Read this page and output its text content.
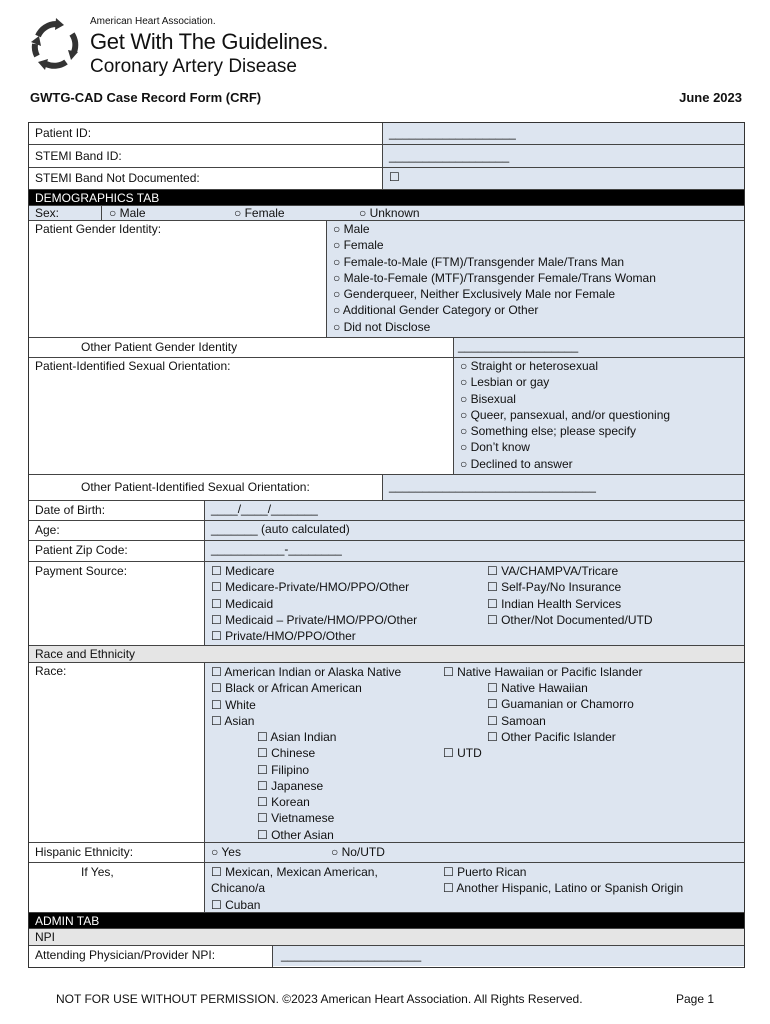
American Heart Association.
Get With The Guidelines.
Coronary Artery Disease
GWTG-CAD Case Record Form (CRF)	June 2023
Patient ID:	___________________
STEMI Band ID:	__________________
STEMI Band Not Documented:	☐
DEMOGRAPHICS TAB
Sex:	○ Male	○ Female	○ Unknown
Patient Gender Identity:	○ Male
○ Female
○ Female-to-Male (FTM)/Transgender Male/Trans Man
○ Male-to-Female (MTF)/Transgender Female/Trans Woman
○ Genderqueer, Neither Exclusively Male nor Female
○ Additional Gender Category or Other
○ Did not Disclose
Other Patient Gender Identity	__________________
Patient-Identified Sexual Orientation:	○ Straight or heterosexual
○ Lesbian or gay
○ Bisexual
○ Queer, pansexual, and/or questioning
○ Something else; please specify
○ Don’t know
○ Declined to answer
Other Patient-Identified Sexual Orientation:	_______________________________
Date of Birth:	____/____/_______
Age:	_______ (auto calculated)
Patient Zip Code:	___________-________
Payment Source:	☐ Medicare
☐ Medicare-Private/HMO/PPO/Other
☐ Medicaid
☐ Medicaid – Private/HMO/PPO/Other
☐ Private/HMO/PPO/Other
☐ VA/CHAMPVA/Tricare
☐ Self-Pay/No Insurance
☐ Indian Health Services
☐ Other/Not Documented/UTD
Race and Ethnicity
Race:	☐ American Indian or Alaska Native
☐ Black or African American
☐ White
☐ Asian
☐ Asian Indian
☐ Chinese
☐ Filipino
☐ Japanese
☐ Korean
☐ Vietnamese
☐ Other Asian
☐ Native Hawaiian or Pacific Islander
☐ Native Hawaiian
☐ Guamanian or Chamorro
☐ Samoan
☐ Other Pacific Islander
☐ UTD
Hispanic Ethnicity:	○ Yes	○ No/UTD
If Yes,	☐ Mexican, Mexican American,
Chicano/a
☐ Cuban
☐ Puerto Rican
☐ Another Hispanic, Latino or Spanish Origin
ADMIN TAB
NPI
Attending Physician/Provider NPI:	_____________________
NOT FOR USE WITHOUT PERMISSION. ©2023 American Heart Association. All Rights Reserved.	Page 1
